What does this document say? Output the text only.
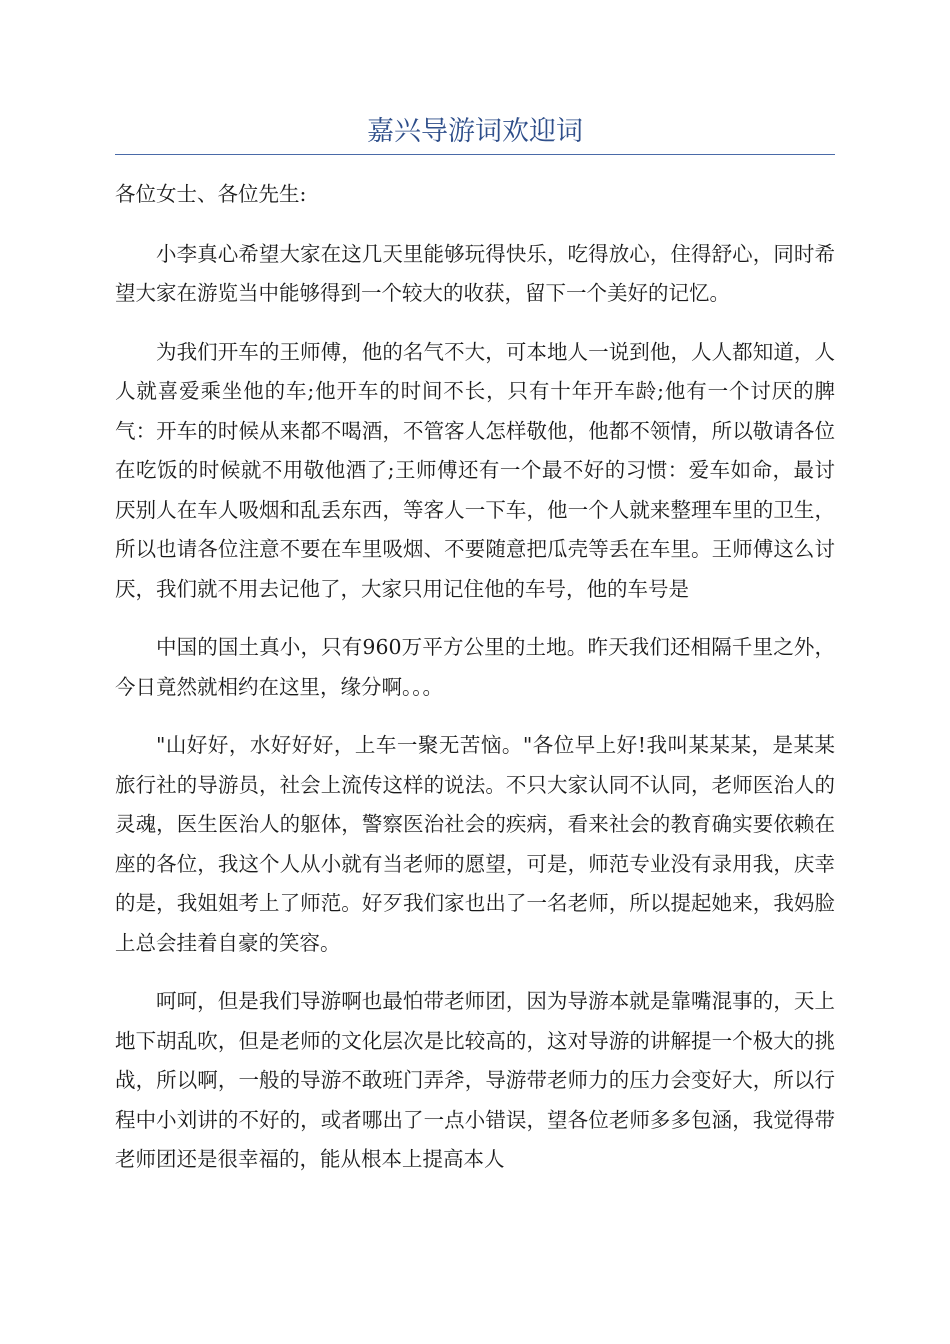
嘉兴导游词欢迎词

各位女士、各位先生:

小李真心希望大家在这几天里能够玩得快乐，吃得放心，住得舒心，同时希望大家在游览当中能够得到一个较大的收获，留下一个美好的记忆。

为我们开车的王师傅，他的名气不大，可本地人一说到他，人人都知道，人人就喜爱乘坐他的车;他开车的时间不长，只有十年开车龄;他有一个讨厌的脾气：开车的时候从来都不喝酒，不管客人怎样敬他，他都不领情，所以敬请各位在吃饭的时候就不用敬他酒了;王师傅还有一个最不好的习惯：爱车如命，最讨厌别人在车人吸烟和乱丢东西，等客人一下车，他一个人就来整理车里的卫生，所以也请各位注意不要在车里吸烟、不要随意把瓜壳等丢在车里。王师傅这么讨厌，我们就不用去记他了，大家只用记住他的车号，他的车号是

中国的国土真小，只有960万平方公里的土地。昨天我们还相隔千里之外，今日竟然就相约在这里，缘分啊。。。

"山好好，水好好好，上车一聚无苦恼。"各位早上好!我叫某某某，是某某旅行社的导游员，社会上流传这样的说法。不只大家认同不认同，老师医治人的灵魂，医生医治人的躯体，警察医治社会的疾病，看来社会的教育确实要依赖在座的各位，我这个人从小就有当老师的愿望，可是，师范专业没有录用我，庆幸的是，我姐姐考上了师范。好歹我们家也出了一名老师，所以提起她来，我妈脸上总会挂着自豪的笑容。

呵呵，但是我们导游啊也最怕带老师团，因为导游本就是靠嘴混事的，天上地下胡乱吹，但是老师的文化层次是比较高的，这对导游的讲解提一个极大的挑战，所以啊，一般的导游不敢班门弄斧，导游带老师力的压力会变好大，所以行程中小刘讲的不好的，或者哪出了一点小错误，望各位老师多多包涵，我觉得带老师团还是很幸福的，能从根本上提高本人
